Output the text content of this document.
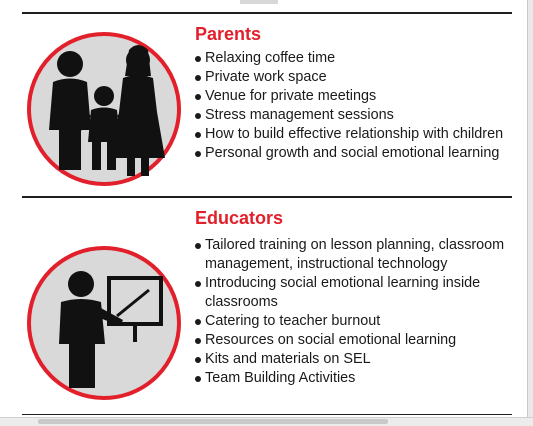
Parents
Relaxing coffee time
Private work space
Venue for private meetings
Stress management sessions
How to build effective relationship with children
Personal growth and social emotional learning
Educators
Tailored training on lesson planning, classroom management, instructional technology
Introducing social emotional learning inside classrooms
Catering to teacher burnout
Resources on social emotional learning
Kits and materials on SEL
Team Building Activities
